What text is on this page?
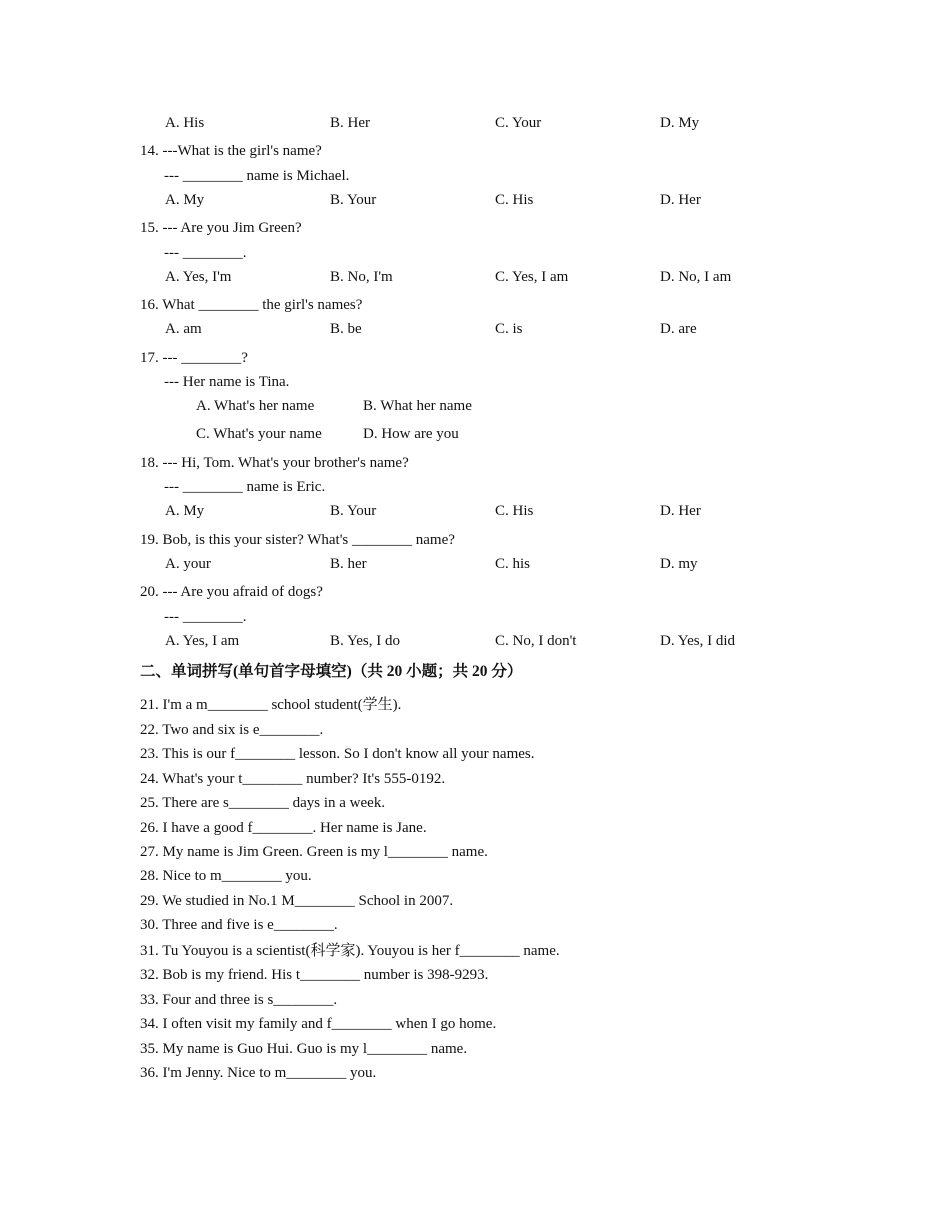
A. His	B. Her	C. Your	D. My
14. ---What is the girl's name?
--- ________ name is Michael.
A. My	B. Your	C. His	D. Her
15. --- Are you Jim Green?
--- ________.
A. Yes, I'm	B. No, I'm	C. Yes, I am	D. No, I am
16. What ________ the girl's names?
A. am	B. be	C. is	D. are
17. --- ________?
--- Her name is Tina.
A. What's her name	B. What her name
C. What's your name	D. How are you
18. --- Hi, Tom. What's your brother's name?
--- ________ name is Eric.
A. My	B. Your	C. His	D. Her
19. Bob, is this your sister? What's ________ name?
A. your	B. her	C. his	D. my
20. --- Are you afraid of dogs?
--- ________.
A. Yes, I am	B. Yes, I do	C. No, I don't	D. Yes, I did
二、单词拼写(单句首字母填空)（共 20 小题；共 20 分）
21. I'm a m________ school student(学生).
22. Two and six is e________.
23. This is our f________ lesson. So I don't know all your names.
24. What's your t________ number? It's 555-0192.
25. There are s________ days in a week.
26. I have a good f________. Her name is Jane.
27. My name is Jim Green. Green is my l________ name.
28. Nice to m________ you.
29. We studied in No.1 M________ School in 2007.
30. Three and five is e________.
31. Tu Youyou is a scientist(科学家). Youyou is her f________ name.
32. Bob is my friend. His t________ number is 398-9293.
33. Four and three is s________.
34. I often visit my family and f________ when I go home.
35. My name is Guo Hui. Guo is my l________ name.
36. I'm Jenny. Nice to m________ you.
